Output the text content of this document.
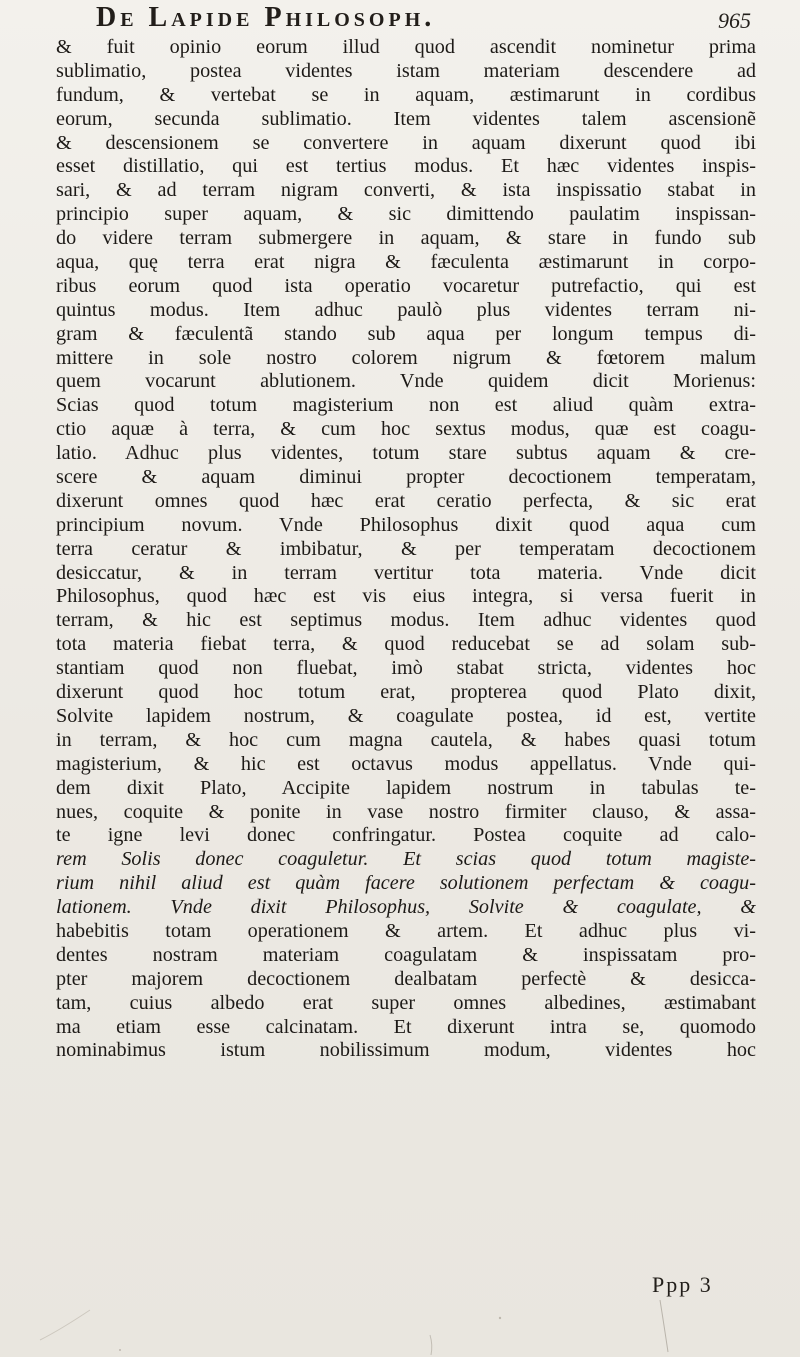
De Lapide Philosoph.	965
& fuit opinio eorum illud quod ascendit nominetur prima
sublimatio, postea videntes istam materiam descendere ad
fundum, & vertebat se in aquam, æstimarunt in cordibus
eorum, secunda sublimatio. Item videntes talem ascensionẽ
& descensionem se convertere in aquam dixerunt quod ibi
esset distillatio, qui est tertius modus. Et hæc videntes inspis-
sari, & ad terram nigram converti, & ista inspissatio stabat in
principio super aquam, & sic dimittendo paulatim inspissan-
do videre terram submergere in aquam, & stare in fundo sub
aqua, quę terra erat nigra & fæculenta æstimarunt in corpo-
ribus eorum quod ista operatio vocaretur putrefactio, qui est
quintus modus. Item adhuc paulò plus videntes terram ni-
gram & fæculentã stando sub aqua per longum tempus di-
mittere in sole nostro colorem nigrum & fœtorem malum
quem vocarunt ablutionem. Vnde quidem dicit Morienus:
Scias quod totum magisterium non est aliud quàm extra-
ctio aquæ à terra, & cum hoc sextus modus, quæ est coagu-
latio. Adhuc plus videntes, totum stare subtus aquam & cre-
scere & aquam diminui propter decoctionem temperatam,
dixerunt omnes quod hæc erat ceratio perfecta, & sic erat
principium novum. Vnde Philosophus dixit quod aqua cum
terra ceratur & imbibatur, & per temperatam decoctionem
desiccatur, & in terram vertitur tota materia. Vnde dicit
Philosophus, quod hæc est vis eius integra, si versa fuerit in
terram, & hic est septimus modus. Item adhuc videntes quod
tota materia fiebat terra, & quod reducebat se ad solam sub-
stantiam quod non fluebat, imò stabat stricta, videntes hoc
dixerunt quod hoc totum erat, propterea quod Plato dixit,
Solvite lapidem nostrum, & coagulate postea, id est, vertite
in terram, & hoc cum magna cautela, & habes quasi totum
magisterium, & hic est octavus modus appellatus. Vnde qui-
dem dixit Plato, Accipite lapidem nostrum in tabulas te-
nues, coquite & ponite in vase nostro firmiter clauso, & assa-
te igne levi donec confringatur. Postea coquite ad calo-
rem Solis donec coaguletur. Et scias quod totum magiste-
rium nihil aliud est quàm facere solutionem perfectam & coagu-
lationem. Vnde dixit Philosophus, Solvite & coagulate, &
habebitis totam operationem & artem. Et adhuc plus vi-
dentes nostram materiam coagulatam & inspissatam pro-
pter majorem decoctionem dealbatam perfectè & desicca-
tam, cuius albedo erat super omnes albedines, æstimabant
ma etiam esse calcinatam. Et dixerunt intra se, quomodo
nominabimus istum nobilissimum modum, videntes hoc
Ppp 3
